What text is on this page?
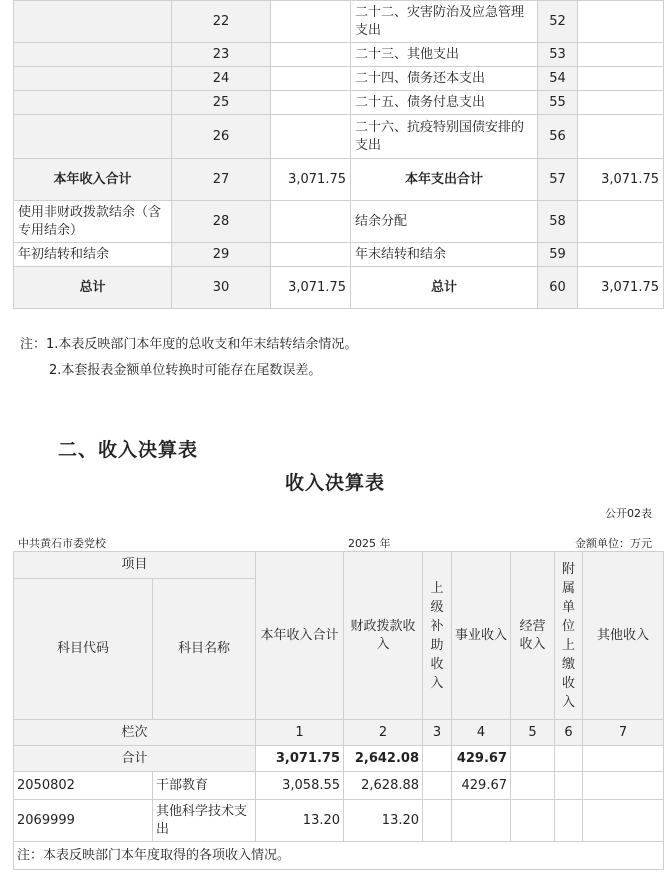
	22		二十二、灾害防治及应急管理支出	52	
	23		二十三、其他支出	53	
	24		二十四、债务还本支出	54	
	25		二十五、债务付息支出	55	
	26		二十六、抗疫特别国债安排的支出	56	
本年收入合计	27	3,071.75	本年支出合计	57	3,071.75
使用非财政拨款结余（含专用结余）	28		结余分配	58	
年初结转和结余	29		年末结转和结余	59	
总计	30	3,071.75	总计	60	3,071.75
注：1.本表反映部门本年度的总收支和年末结转结余情况。
2.本套报表金额单位转换时可能存在尾数误差。
二、收入决算表
收入决算表
公开02表
中共黄石市委党校	2025 年	金额单位：万元
项目		本年收入合计	财政拨款收入	上级补助收入	事业收入	经营收入	附属单位上缴收入	其他收入
科目代码	科目名称							
栏次		1	2	3	4	5	6	7
合计		3,071.75	2,642.08		429.67			
2050802	干部教育	3,058.55	2,628.88		429.67			
2069999	其他科学技术支出	13.20	13.20					
注：本表反映部门本年度取得的各项收入情况。								
